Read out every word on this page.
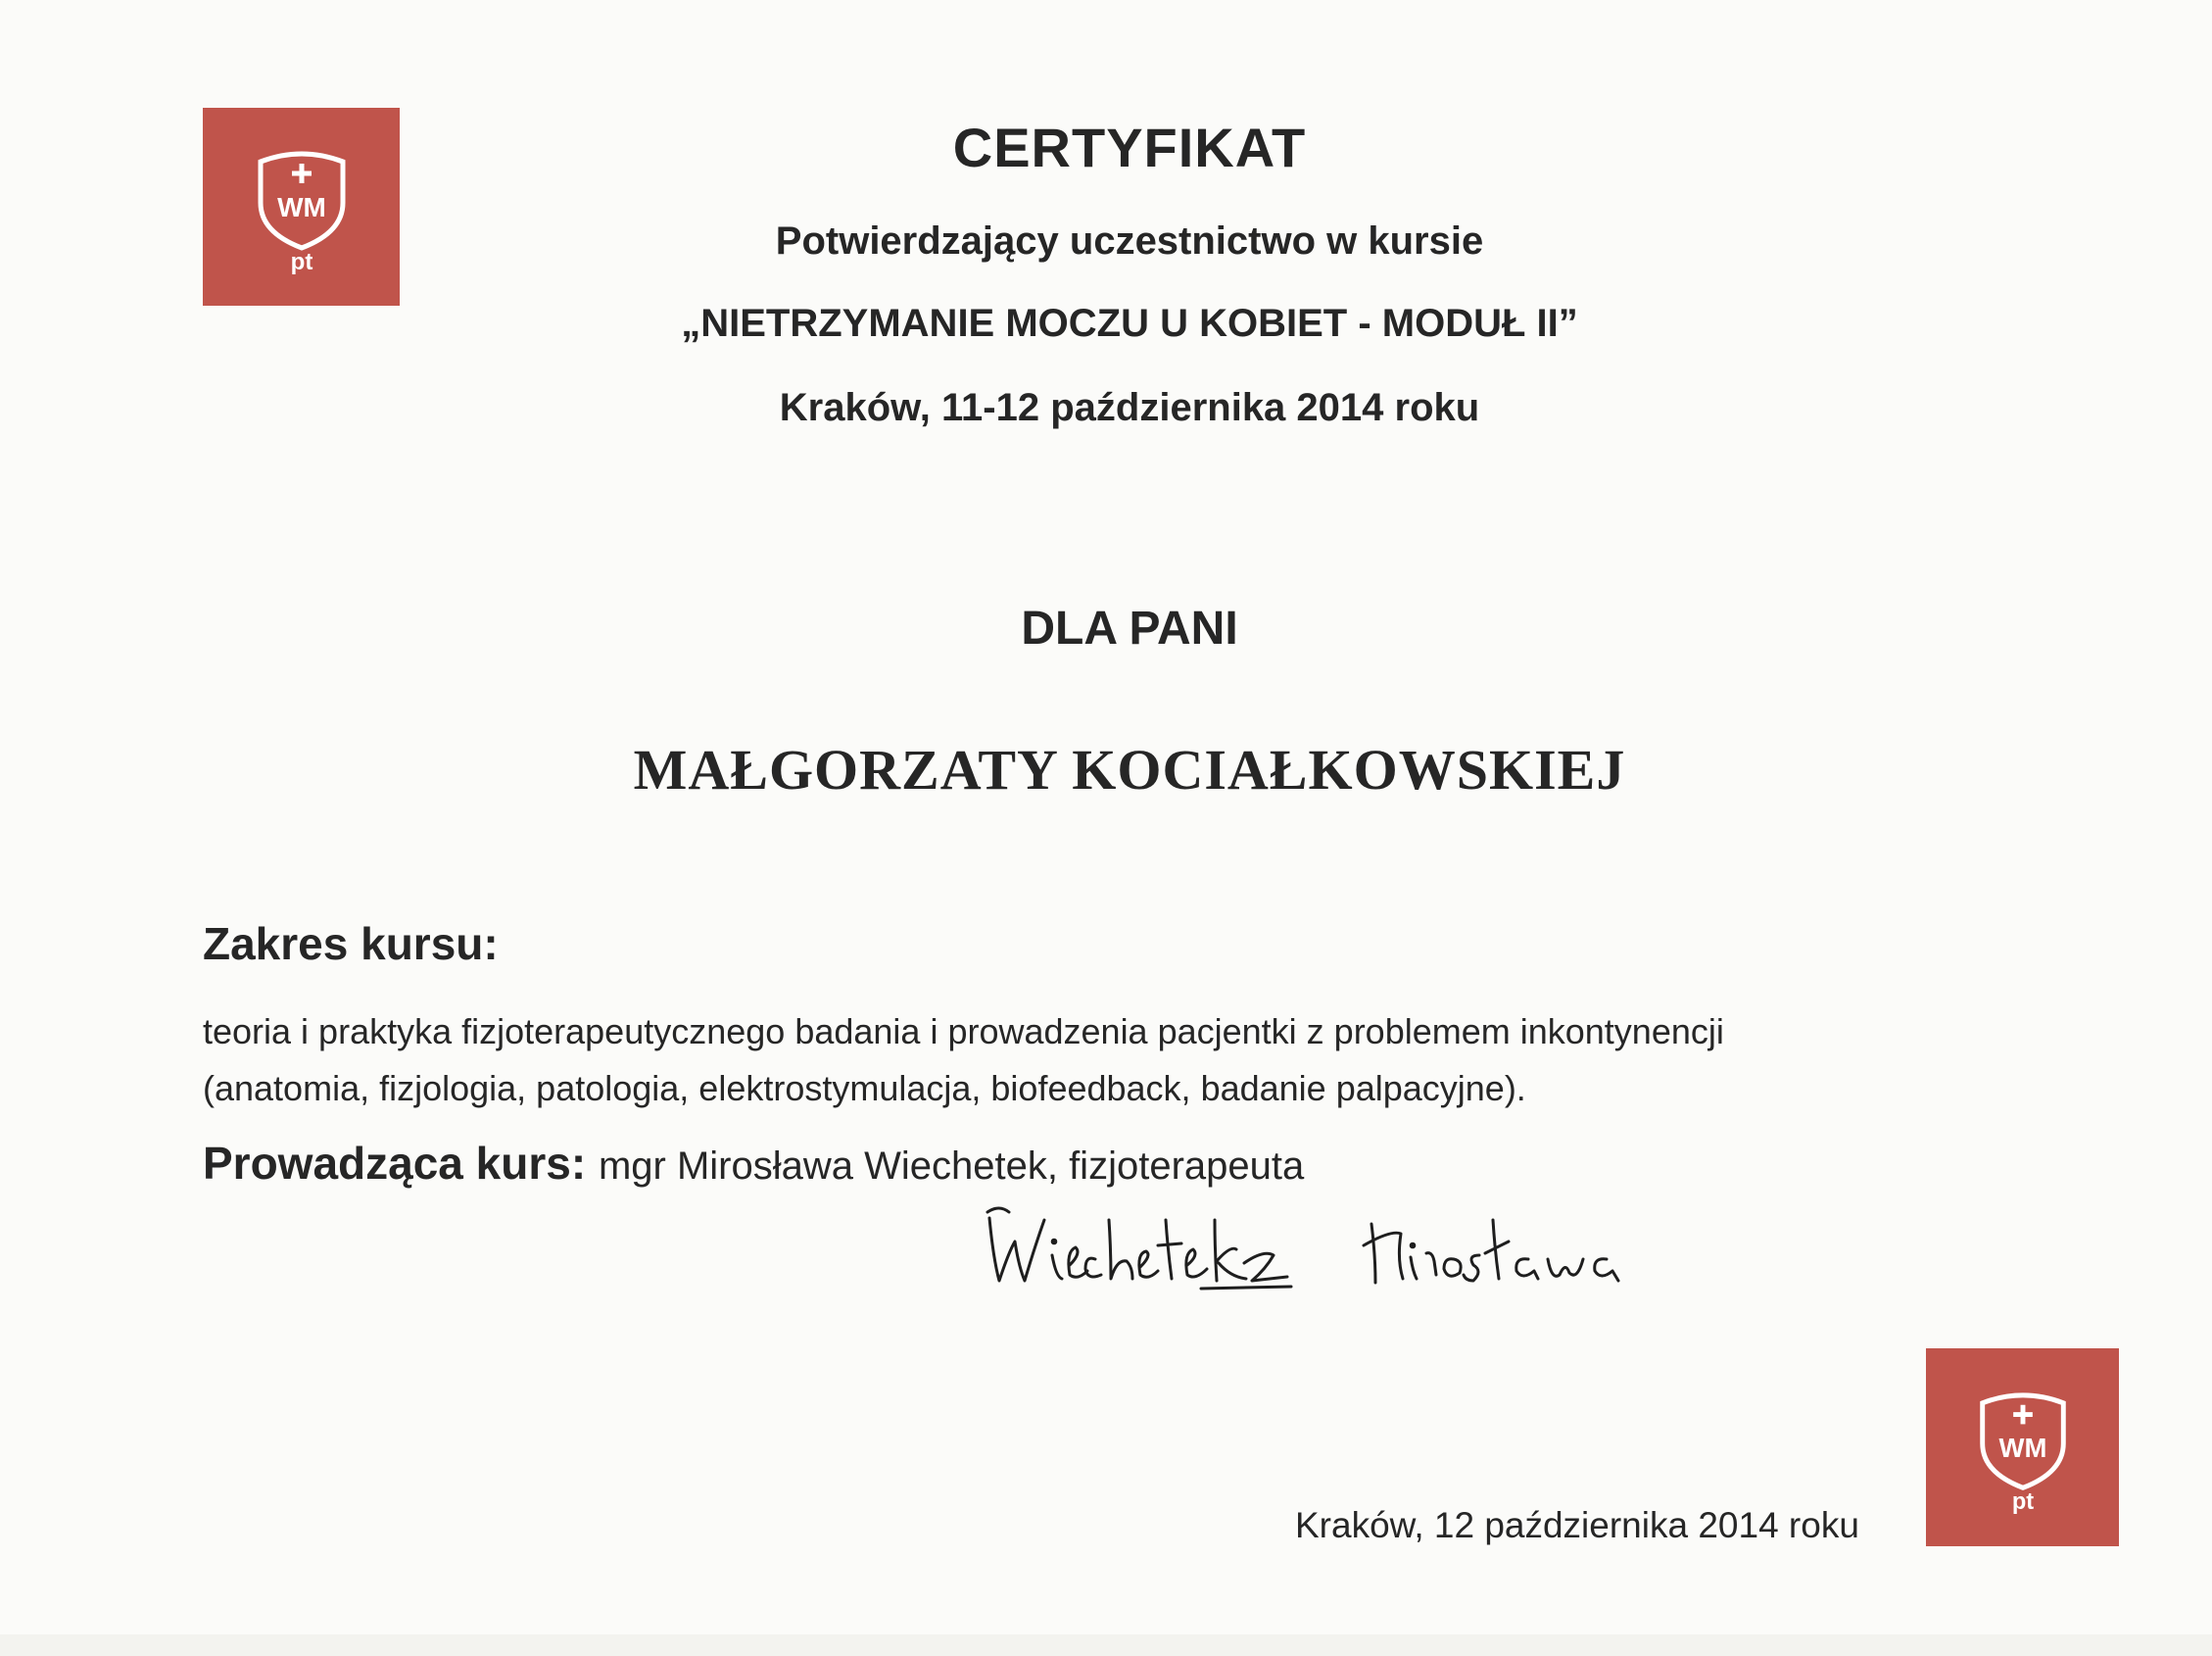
WM
pt
CERTYFIKAT
Potwierdzający uczestnictwo w kursie
„NIETRZYMANIE MOCZU U KOBIET - MODUŁ II”
Kraków, 11-12 października 2014 roku
DLA PANI
MAŁGORZATY KOCIAŁKOWSKIEJ
Zakres kursu:
teoria i praktyka fizjoterapeutycznego badania i prowadzenia pacjentki z problemem inkontynencji
(anatomia, fizjologia, patologia, elektrostymulacja, biofeedback, badanie palpacyjne).
Prowadząca kurs: mgr Mirosława Wiechetek, fizjoterapeuta
Kraków, 12 października 2014 roku
WM
pt
